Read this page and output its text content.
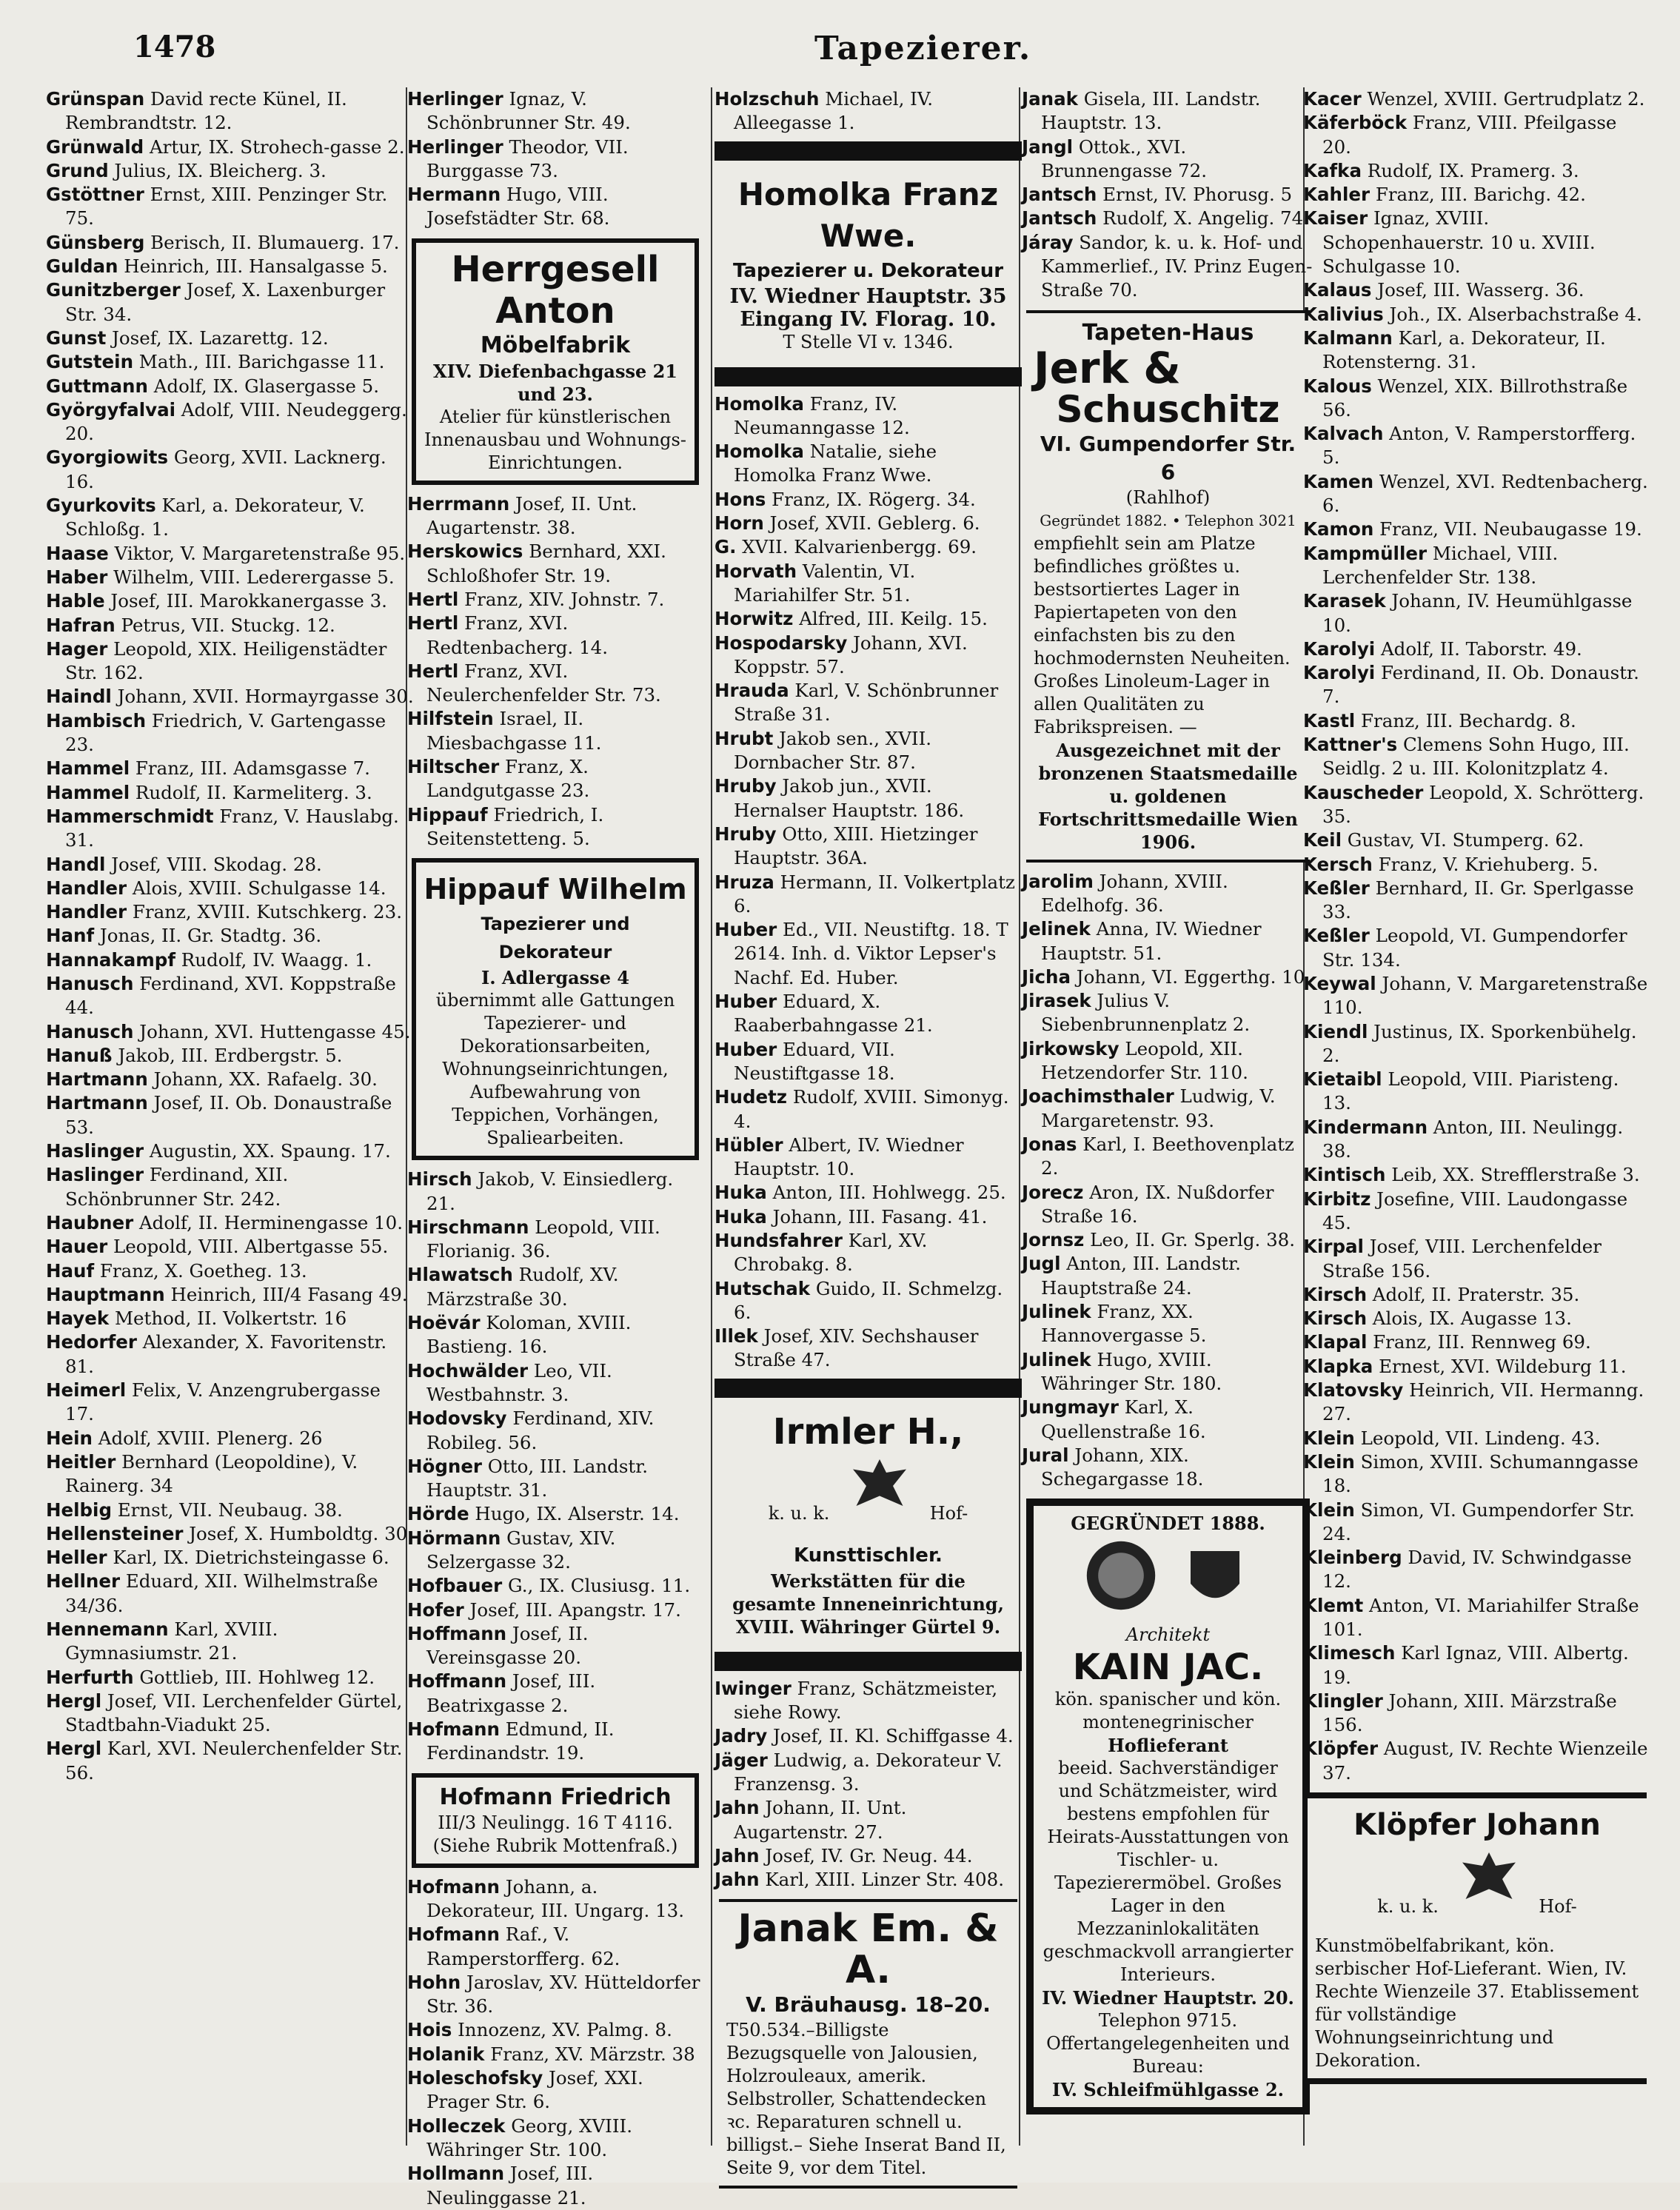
1478	Tapezierer.

Grünspan David recte Künel, II. Rembrandtstr. 12.

Grünwald Artur, IX. Strohech-gasse 2.

Grund Julius, IX. Bleicherg. 3.

Gstöttner Ernst, XIII. Penzinger Str. 75.

Günsberg Berisch, II. Blumauerg. 17.

Guldan Heinrich, III. Hansalgasse 5.

Gunitzberger Josef, X. Laxenburger Str. 34.

Gunst Josef, IX. Lazarettg. 12.

Gutstein Math., III. Barichgasse 11.

Guttmann Adolf, IX. Glasergasse 5.

Györgyfalvai Adolf, VIII. Neudeggerg. 20.

Gyorgiowits Georg, XVII. Lacknerg. 16.

Gyurkovits Karl, a. Dekorateur, V. Schloßg. 1.

Haase Viktor, V. Margaretenstraße 95.

Haber Wilhelm, VIII. Lederergasse 5.

Hable Josef, III. Marokkanergasse 3.

Hafran Petrus, VII. Stuckg. 12.

Hager Leopold, XIX. Heiligenstädter Str. 162.

Haindl Johann, XVII. Hormayrgasse 30.

Hambisch Friedrich, V. Gartengasse 23.

Hammel Franz, III. Adamsgasse 7.

Hammel Rudolf, II. Karmeliterg. 3.

Hammerschmidt Franz, V. Hauslabg. 31.

Handl Josef, VIII. Skodag. 28.

Handler Alois, XVIII. Schulgasse 14.

Handler Franz, XVIII. Kutschkerg. 23.

Hanf Jonas, II. Gr. Stadtg. 36.

Hannakampf Rudolf, IV. Waagg. 1.

Hanusch Ferdinand, XVI. Koppstraße 44.

Hanusch Johann, XVI. Huttengasse 45.

Hanuß Jakob, III. Erdbergstr. 5.

Hartmann Johann, XX. Rafaelg. 30.

Hartmann Josef, II. Ob. Donaustraße 53.

Haslinger Augustin, XX. Spaung. 17.

Haslinger Ferdinand, XII. Schönbrunner Str. 242.

Haubner Adolf, II. Herminengasse 10.

Hauer Leopold, VIII. Albertgasse 55.

Hauf Franz, X. Goetheg. 13.

Hauptmann Heinrich, III/4 Fasang 49.

Hayek Method, II. Volkertstr. 16

Hedorfer Alexander, X. Favoritenstr. 81.

Heimerl Felix, V. Anzengrubergasse 17.

Hein Adolf, XVIII. Plenerg. 26

Heitler Bernhard (Leopoldine), V. Rainerg. 34

Helbig Ernst, VII. Neubaug. 38.

Hellensteiner Josef, X. Humboldtg. 30.

Heller Karl, IX. Dietrichsteingasse 6.

Hellner Eduard, XII. Wilhelmstraße 34/36.

Hennemann Karl, XVIII. Gymnasiumstr. 21.

Herfurth Gottlieb, III. Hohlweg 12.

Hergl Josef, VII. Lerchenfelder Gürtel, Stadtbahn-Viadukt 25.

Hergl Karl, XVI. Neulerchenfelder Str. 56.

Herlinger Ignaz, V. Schönbrunner Str. 49.

Herlinger Theodor, VII. Burggasse 73.

Hermann Hugo, VIII. Josefstädter Str. 68.

Herrgesell Anton
Möbelfabrik
XIV. Diefenbachgasse 21 und 23.
Atelier für künstlerischen Innenausbau und Wohnungs-Einrichtungen.

Herrmann Josef, II. Unt. Augartenstr. 38.

Herskowics Bernhard, XXI. Schloßhofer Str. 19.

Hertl Franz, XIV. Johnstr. 7.

Hertl Franz, XVI. Redtenbacherg. 14.

Hertl Franz, XVI. Neulerchenfelder Str. 73.

Hilfstein Israel, II. Miesbachgasse 11.

Hiltscher Franz, X. Landgutgasse 23.

Hippauf Friedrich, I. Seitenstetteng. 5.

Hippauf Wilhelm
Tapezierer und Dekorateur
I. Adlergasse 4
übernimmt alle Gattungen Tapezierer- und Dekorationsarbeiten, Wohnungseinrichtungen, Aufbewahrung von Teppichen, Vorhängen, Spaliearbeiten.

Hirsch Jakob, V. Einsiedlerg. 21.

Hirschmann Leopold, VIII. Florianig. 36.

Hlawatsch Rudolf, XV. Märzstraße 30.

Hoëvár Koloman, XVIII. Bastieng. 16.

Hochwälder Leo, VII. Westbahnstr. 3.

Hodovsky Ferdinand, XIV. Robileg. 56.

Högner Otto, III. Landstr. Hauptstr. 31.

Hörde Hugo, IX. Alserstr. 14.

Hörmann Gustav, XIV. Selzergasse 32.

Hofbauer G., IX. Clusiusg. 11.

Hofer Josef, III. Apangstr. 17.

Hoffmann Josef, II. Vereinsgasse 20.

Hoffmann Josef, III. Beatrixgasse 2.

Hofmann Edmund, II. Ferdinandstr. 19.

Hofmann Friedrich
III/3 Neulingg. 16 T 4116.
(Siehe Rubrik Mottenfraß.)

Hofmann Johann, a. Dekorateur, III. Ungarg. 13.

Hofmann Raf., V. Ramperstorfferg. 62.

Hohn Jaroslav, XV. Hütteldorfer Str. 36.

Hois Innozenz, XV. Palmg. 8.

Holanik Franz, XV. Märzstr. 38

Holeschofsky Josef, XXI. Prager Str. 6.

Holleczek Georg, XVIII. Währinger Str. 100.

Hollmann Josef, III. Neulinggasse 21.

Holzschuh Michael, IV. Alleegasse 1.

Homolka Franz Wwe.
Tapezierer u. Dekorateur
IV. Wiedner Hauptstr. 35
Eingang IV. Florag. 10.
T Stelle VI v. 1346.

Homolka Franz, IV. Neumanngasse 12.

Homolka Natalie, siehe Homolka Franz Wwe.

Hons Franz, IX. Rögerg. 34.

Horn Josef, XVII. Geblerg. 6.

G. XVII. Kalvarienbergg. 69.

Horvath Valentin, VI. Mariahilfer Str. 51.

Horwitz Alfred, III. Keilg. 15.

Hospodarsky Johann, XVI. Koppstr. 57.

Hrauda Karl, V. Schönbrunner Straße 31.

Hrubt Jakob sen., XVII. Dornbacher Str. 87.

Hruby Jakob jun., XVII. Hernalser Hauptstr. 186.

Hruby Otto, XIII. Hietzinger Hauptstr. 36A.

Hruza Hermann, II. Volkertplatz 6.

Huber Ed., VII. Neustiftg. 18. T 2614. Inh. d. Viktor Lepser's Nachf. Ed. Huber.

Huber Eduard, X. Raaberbahngasse 21.

Huber Eduard, VII. Neustiftgasse 18.

Hudetz Rudolf, XVIII. Simonyg. 4.

Hübler Albert, IV. Wiedner Hauptstr. 10.

Huka Anton, III. Hohlwegg. 25.

Huka Johann, III. Fasang. 41.

Hundsfahrer Karl, XV. Chrobakg. 8.

Hutschak Guido, II. Schmelzg. 6.

Illek Josef, XIV. Sechshauser Straße 47.

Irmler H.,
k. u. k.	Hof-
Kunsttischler.
Werkstätten für die gesamte Inneneinrichtung, XVIII. Währinger Gürtel 9.

Iwinger Franz, Schätzmeister, siehe Rowy.

Jadry Josef, II. Kl. Schiffgasse 4.

Jäger Ludwig, a. Dekorateur V. Franzensg. 3.

Jahn Johann, II. Unt. Augartenstr. 27.

Jahn Josef, IV. Gr. Neug. 44.

Jahn Karl, XIII. Linzer Str. 408.

Janak Em. & A.
V. Bräuhausg. 18–20.
T50.534.–Billigste Bezugsquelle von Jalousien, Holzrouleaux, amerik. Selbstroller, Schattendecken ꝛc. Reparaturen schnell u. billigst.– Siehe Inserat Band II, Seite 9, vor dem Titel.

Janak Gisela, III. Landstr. Hauptstr. 13.

Jangl Ottok., XVI. Brunnengasse 72.

Jantsch Ernst, IV. Phorusg. 5

Jantsch Rudolf, X. Angelig. 74.

Járay Sandor, k. u. k. Hof- und Kammerlief., IV. Prinz Eugen-Straße 70.

Tapeten-Haus
Jerk &
Schuschitz
VI. Gumpendorfer Str. 6
(Rahlhof)
Gegründet 1882. • Telephon 3021
empfiehlt sein am Platze befindliches größtes u. bestsortiertes Lager in Papiertapeten von den einfachsten bis zu den hochmodernsten Neuheiten. Großes Linoleum-Lager in allen Qualitäten zu Fabrikspreisen. —
Ausgezeichnet mit der bronzenen Staatsmedaille u. goldenen Fortschrittsmedaille Wien 1906.

Jarolim Johann, XVIII. Edelhofg. 36.

Jelinek Anna, IV. Wiedner Hauptstr. 51.

Jicha Johann, VI. Eggerthg. 10.

Jirasek Julius V. Siebenbrunnenplatz 2.

Jirkowsky Leopold, XII. Hetzendorfer Str. 110.

Joachimsthaler Ludwig, V. Margaretenstr. 93.

Jonas Karl, I. Beethovenplatz 2.

Jorecz Aron, IX. Nußdorfer Straße 16.

Jornsz Leo, II. Gr. Sperlg. 38.

Jugl Anton, III. Landstr. Hauptstraße 24.

Julinek Franz, XX. Hannovergasse 5.

Julinek Hugo, XVIII. Währinger Str. 180.

Jungmayr Karl, X. Quellenstraße 16.

Jural Johann, XIX. Schegargasse 18.

GEGRÜNDET 1888.

Architekt
KAIN JAC.
kön. spanischer und kön. montenegrinischer
Hoflieferant
beeid. Sachverständiger und Schätzmeister, wird bestens empfohlen für Heirats-Ausstattungen von Tischler- u. Tapezierermöbel. Großes Lager in den Mezzaninlokalitäten geschmackvoll arrangierter Interieurs.
IV. Wiedner Hauptstr. 20.
Telephon 9715.
Offertangelegenheiten und Bureau:
IV. Schleifmühlgasse 2.

Kacer Wenzel, XVIII. Gertrudplatz 2.

Käferböck Franz, VIII. Pfeilgasse 20.

Kafka Rudolf, IX. Pramerg. 3.

Kahler Franz, III. Barichg. 42.

Kaiser Ignaz, XVIII. Schopenhauerstr. 10 u. XVIII. Schulgasse 10.

Kalaus Josef, III. Wasserg. 36.

Kalivius Joh., IX. Alserbachstraße 4.

Kalmann Karl, a. Dekorateur, II. Rotensterng. 31.

Kalous Wenzel, XIX. Billrothstraße 56.

Kalvach Anton, V. Ramperstorfferg. 5.

Kamen Wenzel, XVI. Redtenbacherg. 6.

Kamon Franz, VII. Neubaugasse 19.

Kampmüller Michael, VIII. Lerchenfelder Str. 138.

Karasek Johann, IV. Heumühlgasse 10.

Karolyi Adolf, II. Taborstr. 49.

Karolyi Ferdinand, II. Ob. Donaustr. 7.

Kastl Franz, III. Bechardg. 8.

Kattner's Clemens Sohn Hugo, III. Seidlg. 2 u. III. Kolonitzplatz 4.

Kauscheder Leopold, X. Schrötterg. 35.

Keil Gustav, VI. Stumperg. 62.

Kersch Franz, V. Kriehuberg. 5.

Keßler Bernhard, II. Gr. Sperlgasse 33.

Keßler Leopold, VI. Gumpendorfer Str. 134.

Keywal Johann, V. Margaretenstraße 110.

Kiendl Justinus, IX. Sporkenbühelg. 2.

Kietaibl Leopold, VIII. Piaristeng. 13.

Kindermann Anton, III. Neulingg. 38.

Kintisch Leib, XX. Strefflerstraße 3.

Kirbitz Josefine, VIII. Laudongasse 45.

Kirpal Josef, VIII. Lerchenfelder Straße 156.

Kirsch Adolf, II. Praterstr. 35.

Kirsch Alois, IX. Augasse 13.

Klapal Franz, III. Rennweg 69.

Klapka Ernest, XVI. Wildeburg 11.

Klatovsky Heinrich, VII. Hermanng. 27.

Klein Leopold, VII. Lindeng. 43.

Klein Simon, XVIII. Schumanngasse 18.

Klein Simon, VI. Gumpendorfer Str. 24.

Kleinberg David, IV. Schwindgasse 12.

Klemt Anton, VI. Mariahilfer Straße 101.

Klimesch Karl Ignaz, VIII. Albertg. 19.

Klingler Johann, XIII. Märzstraße 156.

Klöpfer August, IV. Rechte Wienzeile 37.

Klöpfer Johann
k. u. k.	Hof-
Kunstmöbelfabrikant, kön. serbischer Hof-Lieferant. Wien, IV. Rechte Wienzeile 37. Etablissement für vollständige Wohnungseinrichtung und Dekoration.
